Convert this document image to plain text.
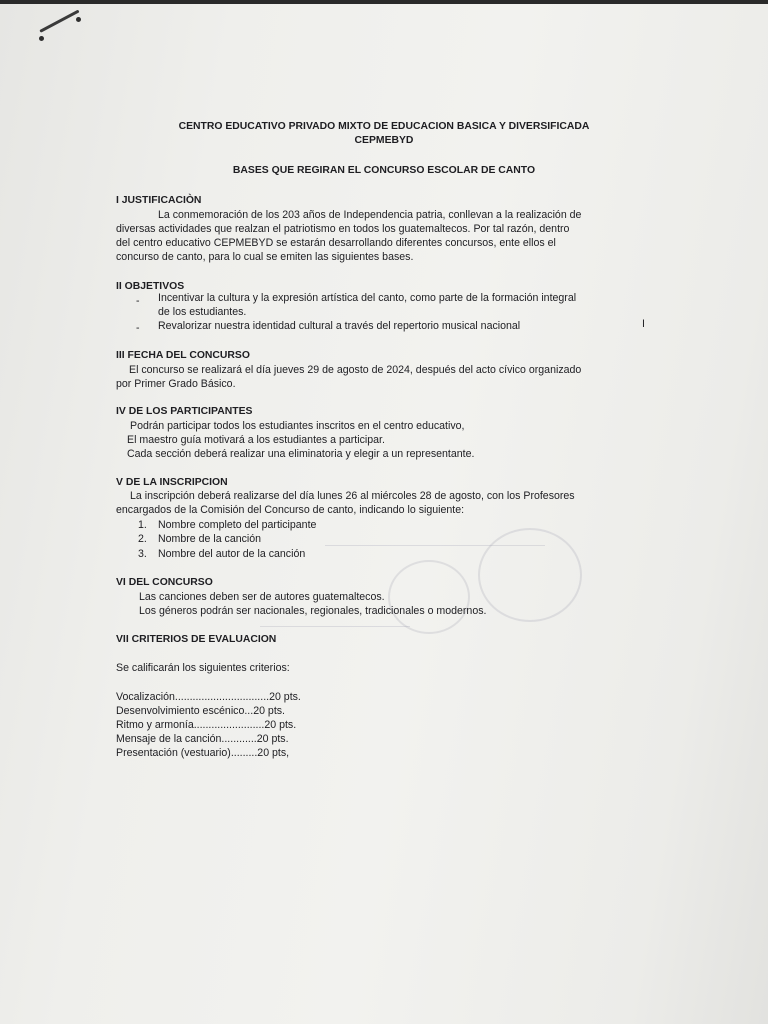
CENTRO EDUCATIVO PRIVADO MIXTO DE EDUCACION BASICA Y DIVERSIFICADA
CEPMEBYD
BASES QUE REGIRAN EL CONCURSO ESCOLAR DE CANTO
I JUSTIFICACIÒN
La conmemoración de los 203 años de Independencia patria, conllevan a la realización de
diversas actividades que realzan el patriotismo en todos los guatemaltecos. Por tal razón, dentro
del centro educativo CEPMEBYD se estarán desarrollando diferentes concursos, ente ellos el
concurso de canto, para lo cual se emiten las siguientes bases.
II OBJETIVOS
- Incentivar la cultura y la expresión artística del canto, como parte de la formación integral
de los estudiantes.
- Revalorizar nuestra identidad cultural a través del repertorio musical nacional	I
III FECHA DEL CONCURSO
El concurso se realizará el día jueves 29 de agosto de 2024, después del acto cívico organizado
por Primer Grado Básico.
IV DE LOS PARTICIPANTES
Podrán participar todos los estudiantes inscritos en el centro educativo,
El maestro guía motivará a los estudiantes a participar.
Cada sección deberá realizar una eliminatoria y elegir a un representante.
V DE LA INSCRIPCION
La inscripción deberá realizarse del día lunes 26 al miércoles 28 de agosto, con los Profesores
encargados de la Comisión del Concurso de canto, indicando lo siguiente:
1. Nombre completo del participante
2. Nombre de la canción
3. Nombre del autor de la canción
VI DEL CONCURSO
Las canciones deben ser de autores guatemaltecos.
Los géneros podrán ser nacionales, regionales, tradicionales o modernos.
VII CRITERIOS DE EVALUACION
Se calificarán los siguientes criterios:
Vocalización................................20 pts.
Desenvolvimiento escénico...20 pts.
Ritmo y armonía........................20 pts.
Mensaje de la canción............20 pts.
Presentación (vestuario).........20 pts,
